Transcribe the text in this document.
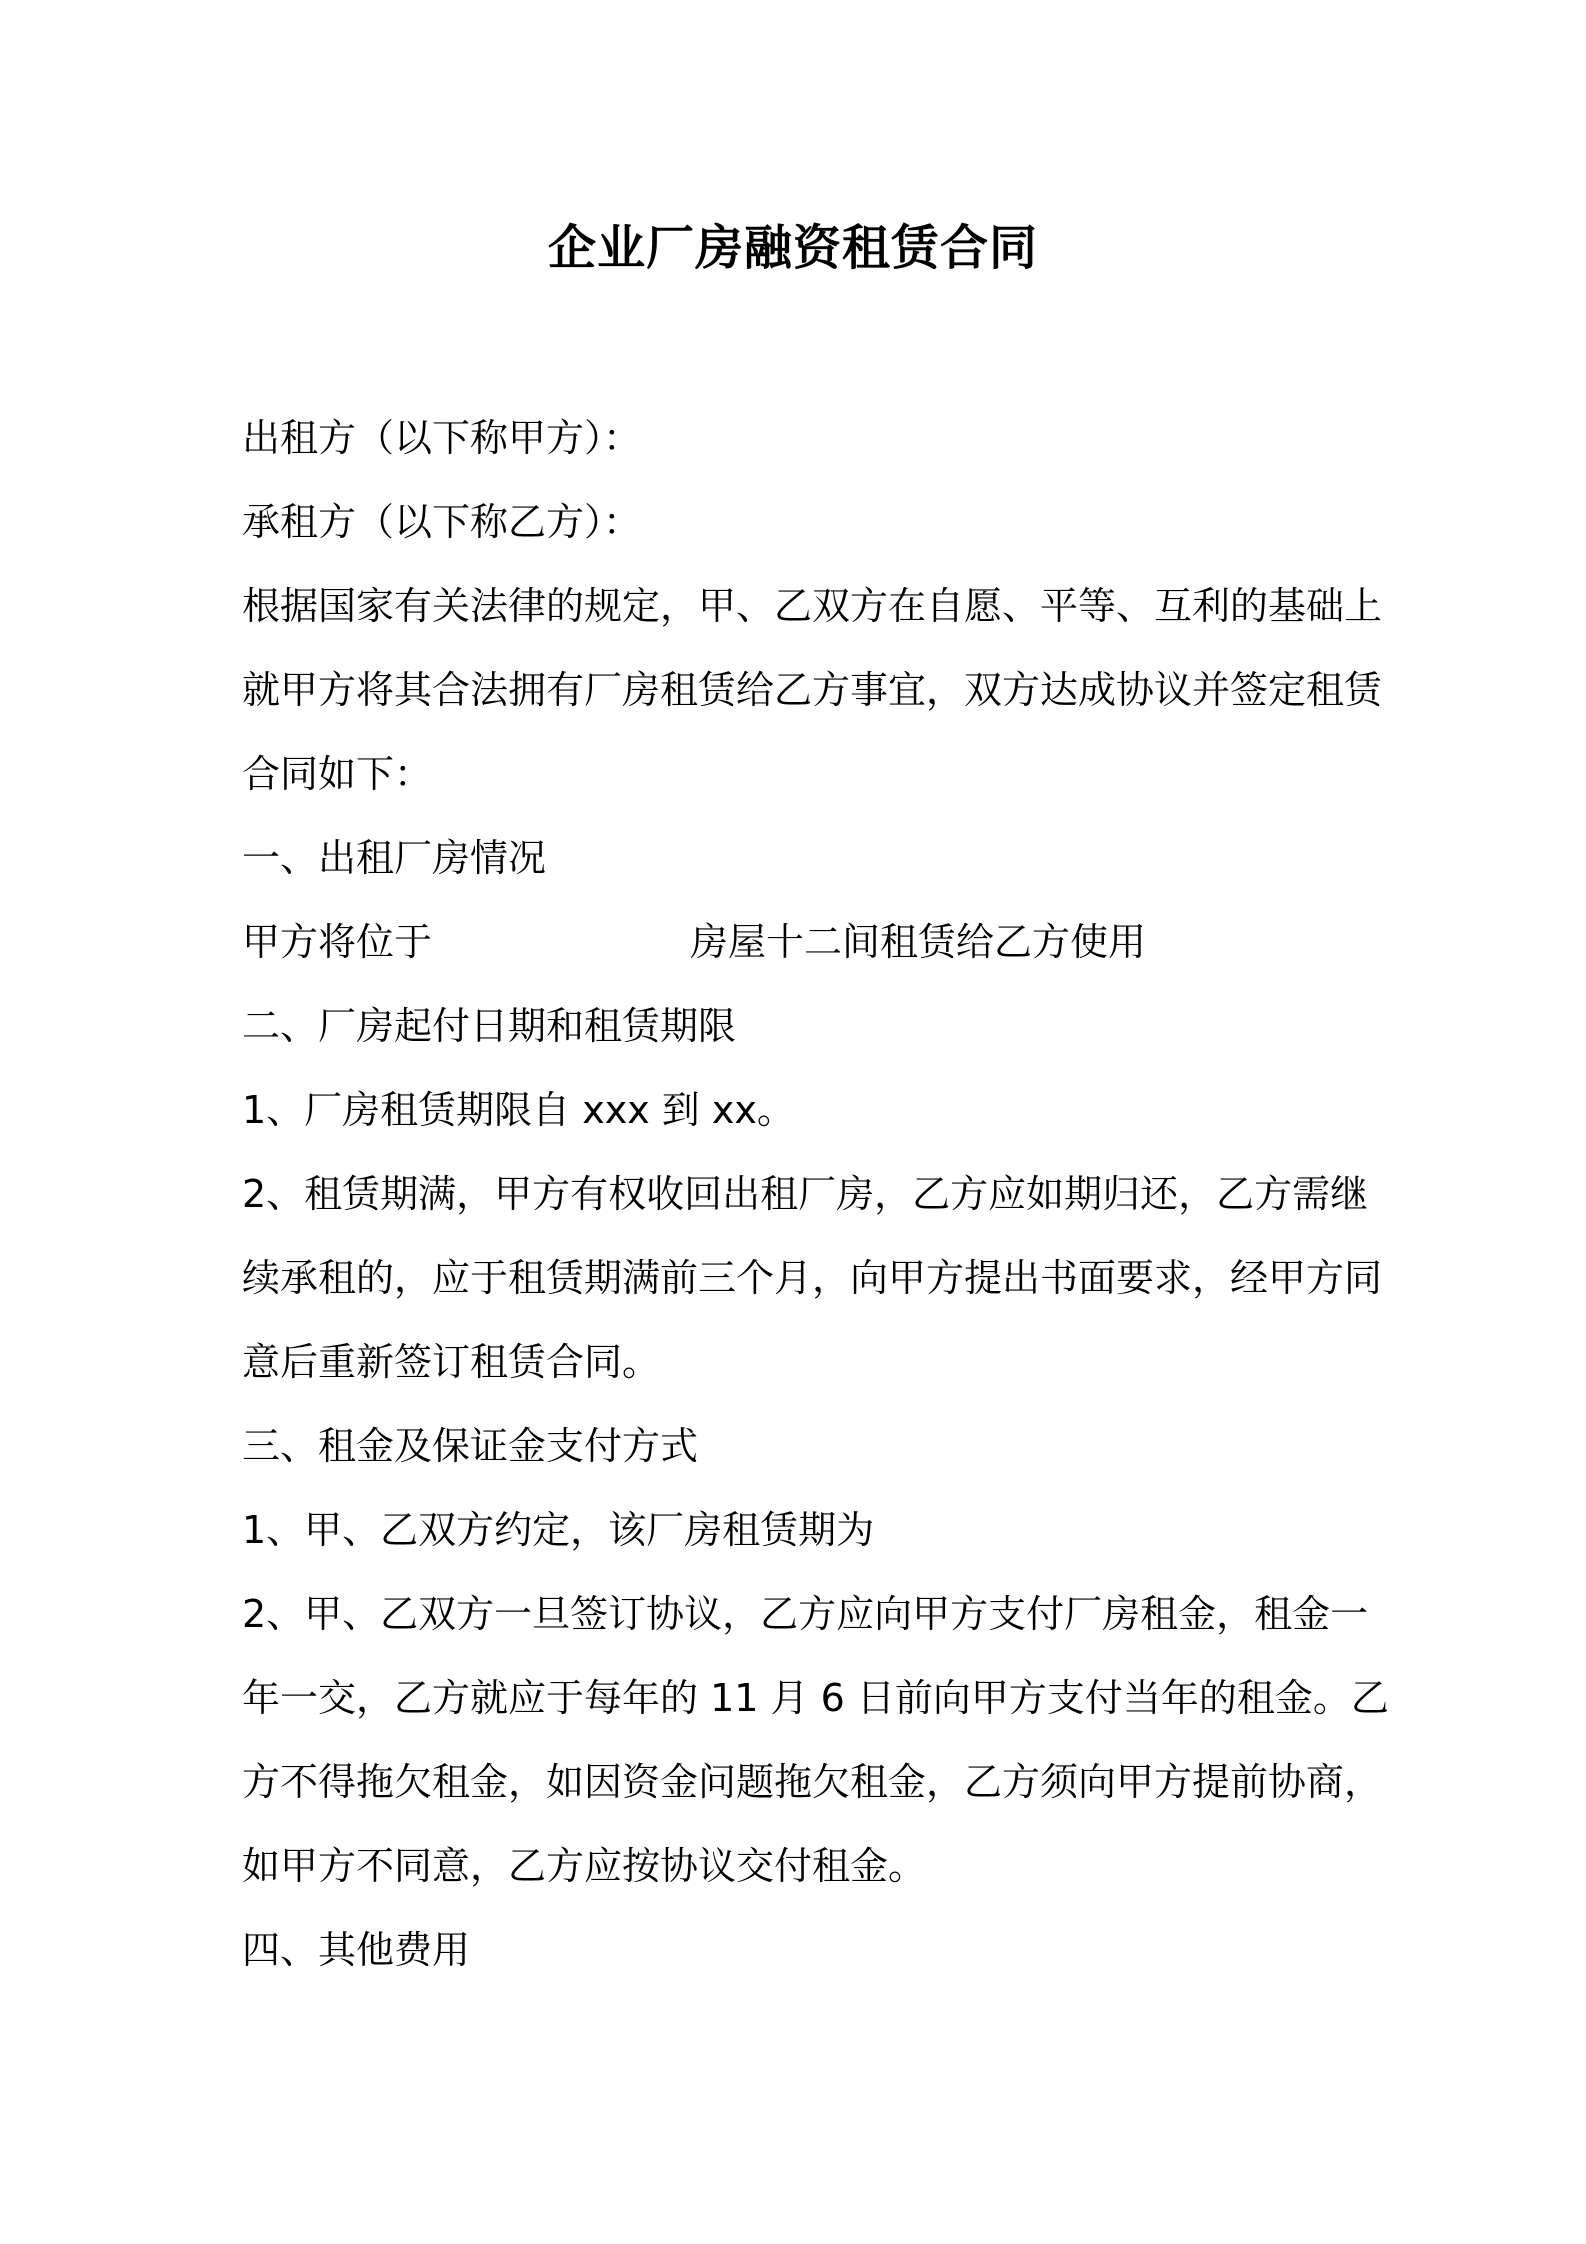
企业厂房融资租赁合同
出租方（以下称甲方）：
承租方（以下称乙方）：
根据国家有关法律的规定，甲、乙双方在自愿、平等、互利的基础上
就甲方将其合法拥有厂房租赁给乙方事宜，双方达成协议并签定租赁
合同如下：
一、出租厂房情况
甲方将位于	房屋十二间租赁给乙方使用
二、厂房起付日期和租赁期限
1、厂房租赁期限自 xxx 到 xx。
2、租赁期满，甲方有权收回出租厂房，乙方应如期归还，乙方需继
续承租的，应于租赁期满前三个月，向甲方提出书面要求，经甲方同
意后重新签订租赁合同。
三、租金及保证金支付方式
1、甲、乙双方约定，该厂房租赁期为
2、甲、乙双方一旦签订协议，乙方应向甲方支付厂房租金，租金一
年一交，乙方就应于每年的 11 月 6 日前向甲方支付当年的租金。乙
方不得拖欠租金，如因资金问题拖欠租金，乙方须向甲方提前协商，
如甲方不同意，乙方应按协议交付租金。
四、其他费用
